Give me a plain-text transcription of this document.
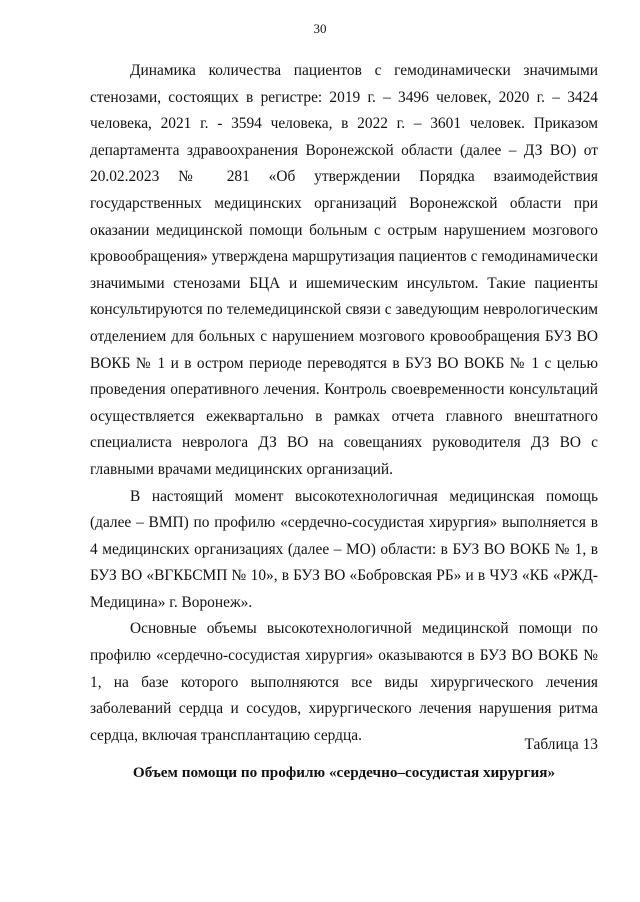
30

Динамика количества пациентов с гемодинамически значимыми стенозами, состоящих в регистре: 2019 г. – 3496 человек, 2020 г. – 3424 человека, 2021 г. - 3594 человека, в 2022 г. – 3601 человек. Приказом департамента здравоохранения Воронежской области (далее – ДЗ ВО) от 20.02.2023 № 281 «Об утверждении Порядка взаимодействия государственных медицинских организаций Воронежской области при оказании медицинской помощи больным с острым нарушением мозгового кровообращения» утверждена маршрутизация пациентов с гемодинамически значимыми стенозами БЦА и ишемическим инсультом. Такие пациенты консультируются по телемедицинской связи с заведующим неврологическим отделением для больных с нарушением мозгового кровообращения БУЗ ВО ВОКБ № 1 и в остром периоде переводятся в БУЗ ВО ВОКБ № 1 с целью проведения оперативного лечения. Контроль своевременности консультаций осуществляется ежеквартально в рамках отчета главного внештатного специалиста невролога ДЗ ВО на совещаниях руководителя ДЗ ВО с главными врачами медицинских организаций.

В настоящий момент высокотехнологичная медицинская помощь (далее – ВМП) по профилю «сердечно-сосудистая хирургия» выполняется в 4 медицинских организациях (далее – МО) области: в БУЗ ВО ВОКБ № 1, в БУЗ ВО «ВГКБСМП № 10», в БУЗ ВО «Бобровская РБ» и в ЧУЗ «КБ «РЖД-Медицина» г. Воронеж».

Основные объемы высокотехнологичной медицинской помощи по профилю «сердечно-сосудистая хирургия» оказываются в БУЗ ВО ВОКБ № 1, на базе которого выполняются все виды хирургического лечения заболеваний сердца и сосудов, хирургического лечения нарушения ритма сердца, включая трансплантацию сердца.

Таблица 13
Объем помощи по профилю «сердечно–сосудистая хирургия»
